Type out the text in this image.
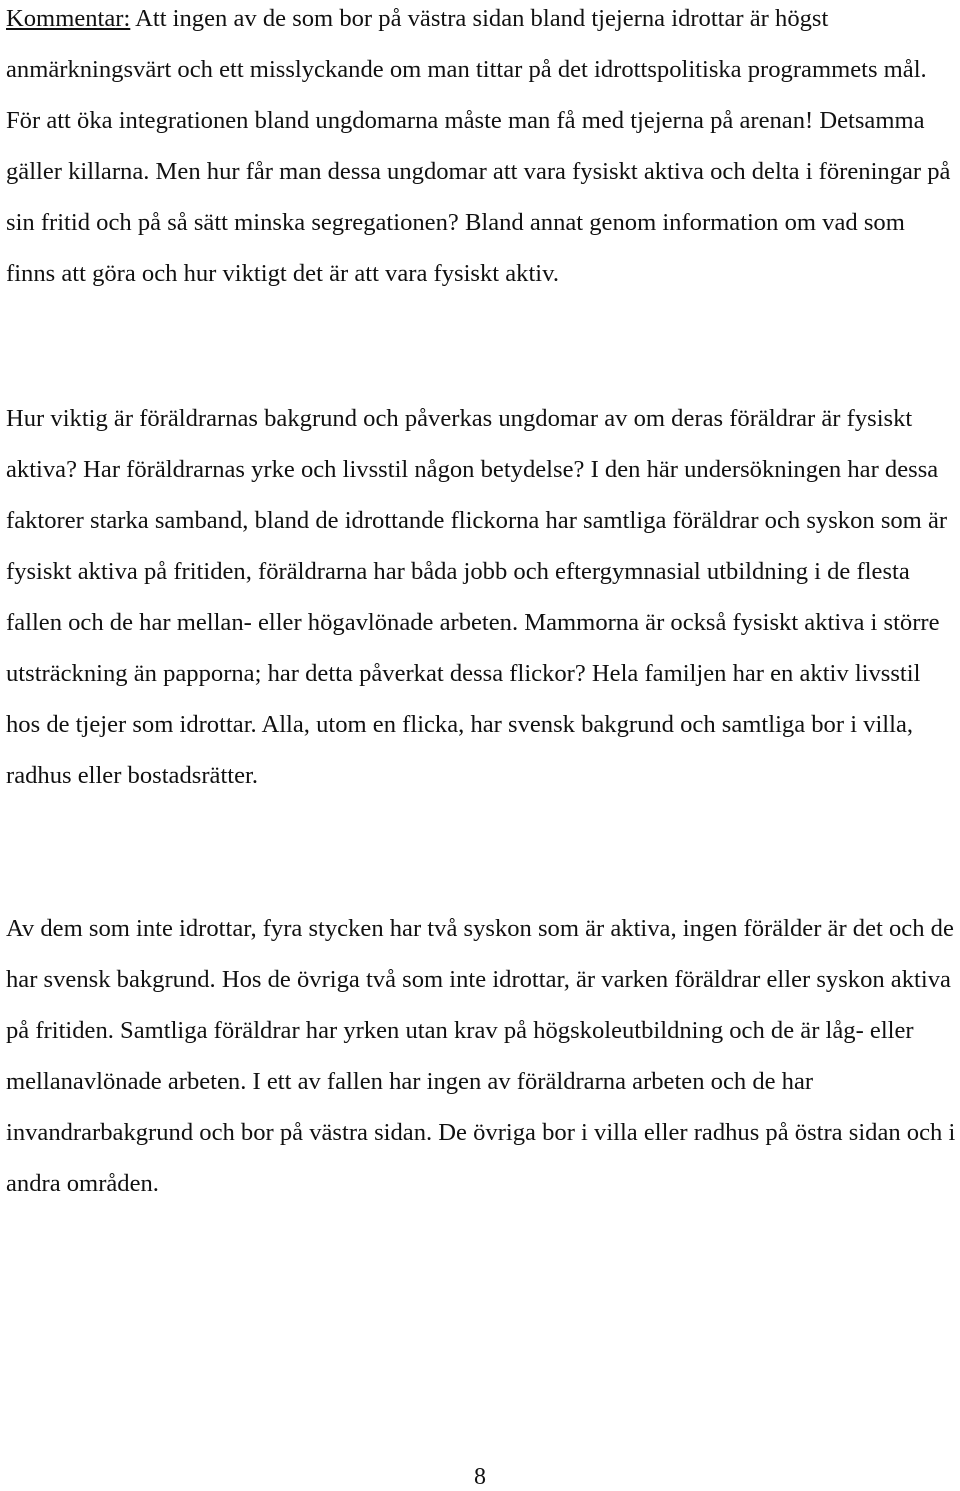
Kommentar: Att ingen av de som bor på västra sidan bland tjejerna idrottar är högst anmärkningsvärt och ett misslyckande om man tittar på det idrottspolitiska programmets mål. För att öka integrationen bland ungdomarna måste man få med tjejerna på arenan! Detsamma gäller killarna. Men hur får man dessa ungdomar att vara fysiskt aktiva och delta i föreningar på sin fritid och på så sätt minska segregationen? Bland annat genom information om vad som finns att göra och hur viktigt det är att vara fysiskt aktiv.

Hur viktig är föräldrarnas bakgrund och påverkas ungdomar av om deras föräldrar är fysiskt aktiva? Har föräldrarnas yrke och livsstil någon betydelse? I den här undersökningen har dessa faktorer starka samband, bland de idrottande flickorna har samtliga föräldrar och syskon som är fysiskt aktiva på fritiden, föräldrarna har båda jobb och eftergymnasial utbildning i de flesta fallen och de har mellan- eller högavlönade arbeten. Mammorna är också fysiskt aktiva i större utsträckning än papporna; har detta påverkat dessa flickor? Hela familjen har en aktiv livsstil hos de tjejer som idrottar. Alla, utom en flicka, har svensk bakgrund och samtliga bor i villa, radhus eller bostadsrätter.

Av dem som inte idrottar, fyra stycken har två syskon som är aktiva, ingen förälder är det och de har svensk bakgrund. Hos de övriga två som inte idrottar, är varken föräldrar eller syskon aktiva på fritiden. Samtliga föräldrar har yrken utan krav på högskoleutbildning och de är låg- eller mellanavlönade arbeten. I ett av fallen har ingen av föräldrarna arbeten och de har invandrarbakgrund och bor på västra sidan. De övriga bor i villa eller radhus på östra sidan och i andra områden.

8
